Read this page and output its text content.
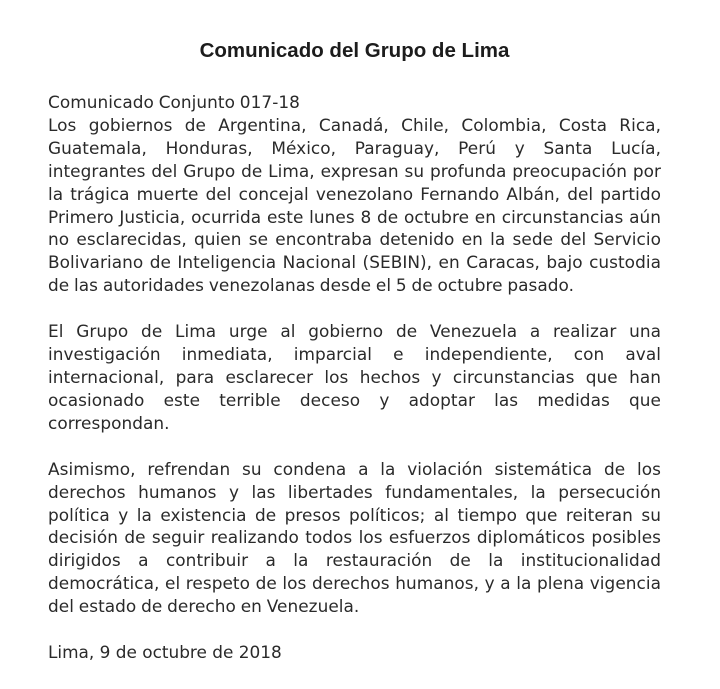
Comunicado del Grupo de Lima

Comunicado Conjunto 017-18
Los gobiernos de Argentina, Canadá, Chile, Colombia, Costa Rica, Guatemala, Honduras, México, Paraguay, Perú y Santa Lucía, integrantes del Grupo de Lima, expresan su profunda preocupación por la trágica muerte del concejal venezolano Fernando Albán, del partido Primero Justicia, ocurrida este lunes 8 de octubre en circunstancias aún no esclarecidas, quien se encontraba detenido en la sede del Servicio Bolivariano de Inteligencia Nacional (SEBIN), en Caracas, bajo custodia de las autoridades venezolanas desde el 5 de octubre pasado.

El Grupo de Lima urge al gobierno de Venezuela a realizar una investigación inmediata, imparcial e independiente, con aval internacional, para esclarecer los hechos y circunstancias que han ocasionado este terrible deceso y adoptar las medidas que correspondan.

Asimismo, refrendan su condena a la violación sistemática de los derechos humanos y las libertades fundamentales, la persecución política y la existencia de presos políticos; al tiempo que reiteran su decisión de seguir realizando todos los esfuerzos diplomáticos posibles dirigidos a contribuir a la restauración de la institucionalidad democrática, el respeto de los derechos humanos, y a la plena vigencia del estado de derecho en Venezuela.

Lima, 9 de octubre de 2018
